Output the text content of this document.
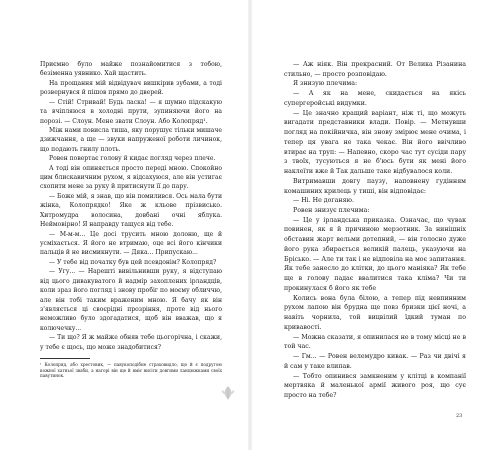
Приємно було майже познайомитися з тобою, безіменна уявнико. Хай щастить.

На прощання мій відвідувач вишкірив зубами, а тоді розвернувся й пішов прямо до дверей.

— Стій! Стривай! Будь ласка! — я шумно підскакую та вчіпляюся в холодні прути, зупиняючи його на порозі. — Слоун. Мене звати Слоун. Або Колопряд¹.

Між нами повисла тиша, яку порушує тільки мишаче дзижчання, а ще — звуки напруженої роботи личинок, що подають гнилу плоть.

Ровен повертає голову й кидає погляд через плече.

А тоді він опиняється просто переді мною. Спокойно цим блискавичним рухом, я відсахуюся, але він устигає схопити мене за руку й притиснути її до пару.

— Боже мій, я знав, що він помилився. Ось мала бути жінка, Колопрядко! Яке ж кльове прізвисько. Хитромудра волосина, довбані очні яблука. Неймовірно! Я направду тащуся від тебе.

— М-м-м... Це досі трусить мною долоню, ще й усміхається. Я його не втримаю, оце всі його кінчики пальців й не висмикнути. — Дяка... Припускаю...

— У тебе від початку був цей псевдонім? Колопряд?

— Угу... — Нарешті вивільнивши руку, я відступаю від цього дивакуватого й надмір захоплених ірландців, коли зраз його погляд і знову пробіг по моєму обличчю, але він тобі таким враженим мною. Я бачу як він з'являється ці своєрідні прозріння, проте від нього неможливо було здогадатися, щоб він вважав, що я колючечку...

— Ти що? Я ж майже обняв тебе цьогорічна, і скажи, у тебе є щось, що може знадобитися?

¹ Колопряд, або хрестовик, — павукоподібне страховидло, що й є подругою кожної хатньої зваби, а нагорі він ще й вміє висіти довгими ланцюжками своїх павутинок.

— Аж ніяк. Він прекрасний. От Велика Різанина стильно, — просто розповідаю.

Я знизую плечима:

— А як на мене, скидається на якісь супергеройські видумки.

— Це значно кращий варіант, ніж ті, що можуть вигадати представники влади. Повір. — Метнувши погляд на покійничка, він знову змірює мене очима, і тепер ця увага не така чекає. Він його ввічливо втирає на труп: — Напевно, скоро час тут сусіди пару з твоїх, тусуються я не б'юсь бути як мені його наклеїти вже й Так дальше таке відбувалося коли.

Витримавши довгу паузу, наповнену гудінням комашиних крилець у тиші, він відповідає:

— Ні. Не доганяю.

Ровен знизує плечима:

— Це у ірландська приказка. Означає, що чувак повинен, як я й причиною мерзотник. За нинішніх обставин жарт вельми дотепний, — він голосно дуже його рука збирається великій палець, указуючи на Брісько. — Але ти так і не відповіла на моє запитання. Як тебе занесло до клітки, до цього маніяка? Як тебе ще в голову падає ввалитися така кліма? Чи ти прокинулася б його як тебе

Колись вона була білою, а тепер під невпинним рухом лапою він брудна ще повз бризки цієї ночі, а навіть чорнила, той вицвілий їдкий туман по кривавості.

— Можна сказати, я опинилася не в тому місці не в той час.

— Гм... — Ровен велемудро кивак. — Раз чи двічі я й сам у таке влипав.

— Тобто опинився замкненим у клітці в компанії мертвяка й маленької армії живого роя, що сує просто на тебе?

23
